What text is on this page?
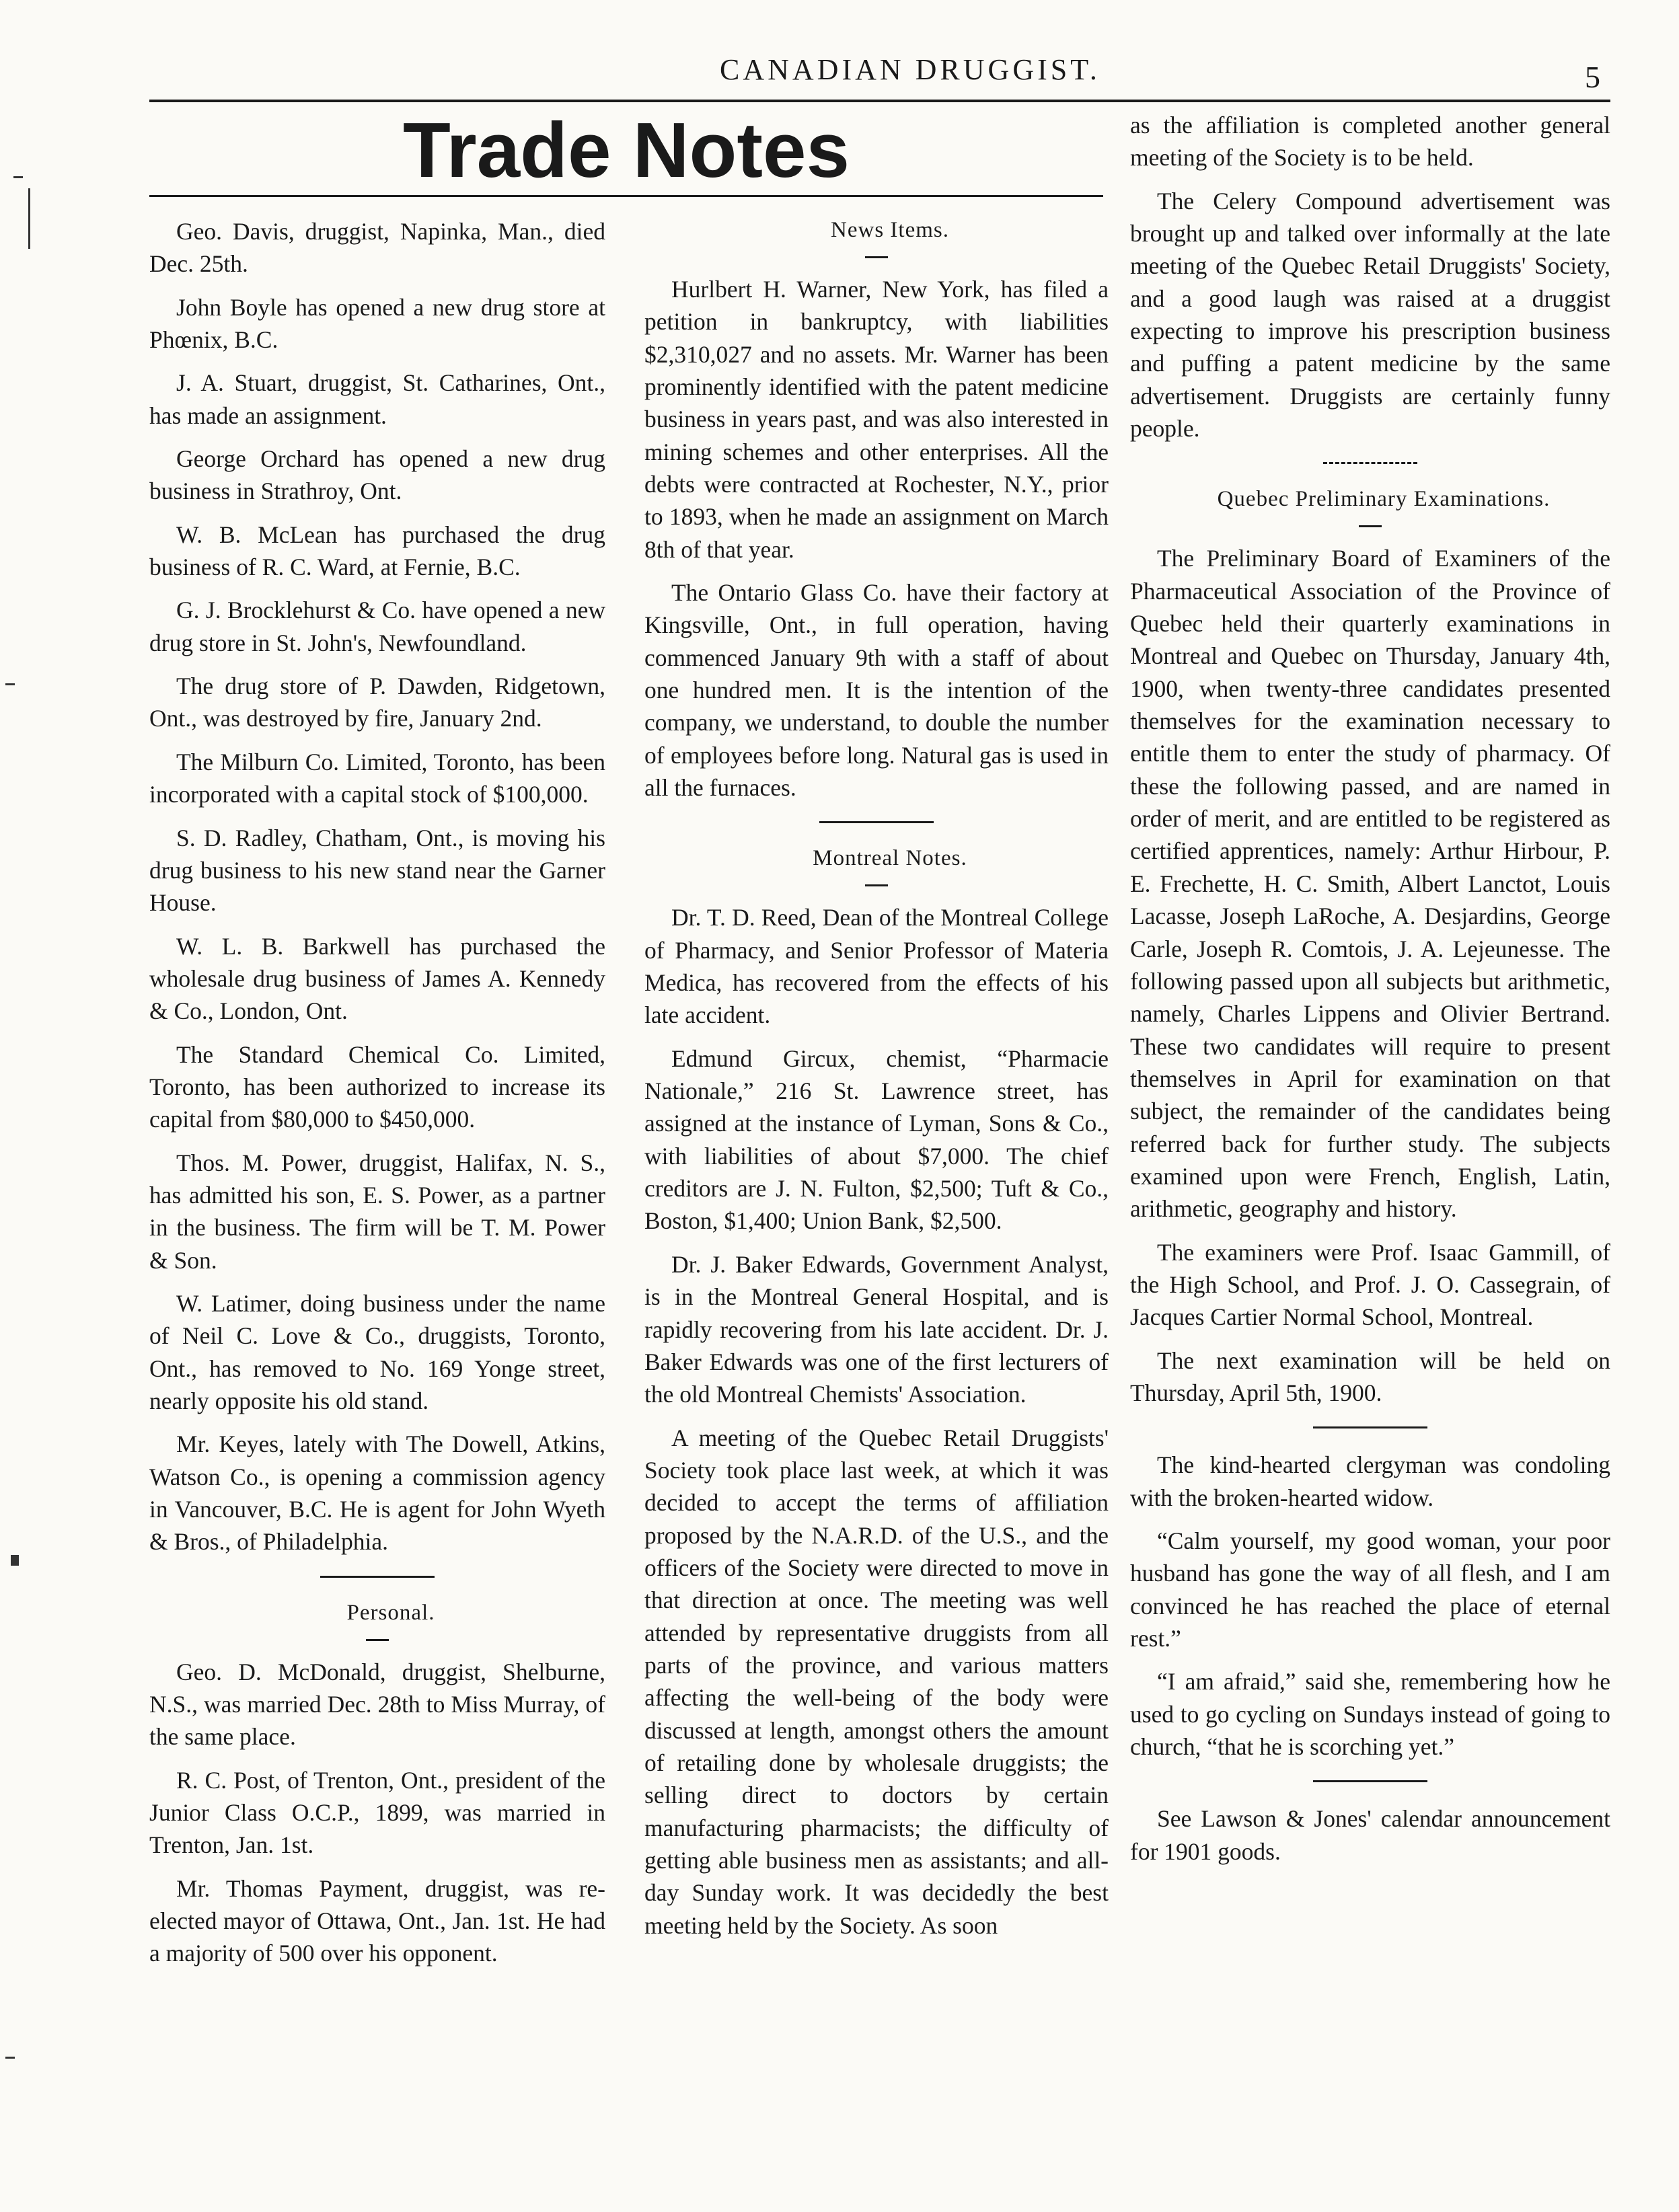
CANADIAN DRUGGIST.	5
Trade Notes

Geo. Davis, druggist, Napinka, Man., died Dec. 25th.

John Boyle has opened a new drug store at Phœnix, B.C.

J. A. Stuart, druggist, St. Catharines, Ont., has made an assignment.

George Orchard has opened a new drug business in Strathroy, Ont.

W. B. McLean has purchased the drug business of R. C. Ward, at Fernie, B.C.

G. J. Brocklehurst & Co. have opened a new drug store in St. John's, Newfoundland.

The drug store of P. Dawden, Ridgetown, Ont., was destroyed by fire, January 2nd.

The Milburn Co. Limited, Toronto, has been incorporated with a capital stock of $100,000.

S. D. Radley, Chatham, Ont., is moving his drug business to his new stand near the Garner House.

W. L. B. Barkwell has purchased the wholesale drug business of James A. Kennedy & Co., London, Ont.

The Standard Chemical Co. Limited, Toronto, has been authorized to increase its capital from $80,000 to $450,000.

Thos. M. Power, druggist, Halifax, N. S., has admitted his son, E. S. Power, as a partner in the business. The firm will be T. M. Power & Son.

W. Latimer, doing business under the name of Neil C. Love & Co., druggists, Toronto, Ont., has removed to No. 169 Yonge street, nearly opposite his old stand.

Mr. Keyes, lately with The Dowell, Atkins, Watson Co., is opening a commission agency in Vancouver, B.C. He is agent for John Wyeth & Bros., of Philadelphia.

Personal.

Geo. D. McDonald, druggist, Shelburne, N.S., was married Dec. 28th to Miss Murray, of the same place.

R. C. Post, of Trenton, Ont., president of the Junior Class O.C.P., 1899, was married in Trenton, Jan. 1st.

Mr. Thomas Payment, druggist, was re-elected mayor of Ottawa, Ont., Jan. 1st. He had a majority of 500 over his opponent.

News Items.

Hurlbert H. Warner, New York, has filed a petition in bankruptcy, with liabilities $2,310,027 and no assets. Mr. Warner has been prominently identified with the patent medicine business in years past, and was also interested in mining schemes and other enterprises. All the debts were contracted at Rochester, N.Y., prior to 1893, when he made an assignment on March 8th of that year.

The Ontario Glass Co. have their factory at Kingsville, Ont., in full operation, having commenced January 9th with a staff of about one hundred men. It is the intention of the company, we understand, to double the number of employees before long. Natural gas is used in all the furnaces.

Montreal Notes.

Dr. T. D. Reed, Dean of the Montreal College of Pharmacy, and Senior Professor of Materia Medica, has recovered from the effects of his late accident.

Edmund Gircux, chemist, “Pharmacie Nationale,” 216 St. Lawrence street, has assigned at the instance of Lyman, Sons & Co., with liabilities of about $7,000. The chief creditors are J. N. Fulton, $2,500; Tuft & Co., Boston, $1,400; Union Bank, $2,500.

Dr. J. Baker Edwards, Government Analyst, is in the Montreal General Hospital, and is rapidly recovering from his late accident. Dr. J. Baker Edwards was one of the first lecturers of the old Montreal Chemists' Association.

A meeting of the Quebec Retail Druggists' Society took place last week, at which it was decided to accept the terms of affiliation proposed by the N.A.R.D. of the U.S., and the officers of the Society were directed to move in that direction at once. The meeting was well attended by representative druggists from all parts of the province, and various matters affecting the well-being of the body were discussed at length, amongst others the amount of retailing done by wholesale druggists; the selling direct to doctors by certain manufacturing pharmacists; the difficulty of getting able business men as assistants; and all-day Sunday work. It was decidedly the best meeting held by the Society. As soon

as the affiliation is completed another general meeting of the Society is to be held.

The Celery Compound advertisement was brought up and talked over informally at the late meeting of the Quebec Retail Druggists' Society, and a good laugh was raised at a druggist expecting to improve his prescription business and puffing a patent medicine by the same advertisement. Druggists are certainly funny people.

Quebec Preliminary Examinations.

The Preliminary Board of Examiners of the Pharmaceutical Association of the Province of Quebec held their quarterly examinations in Montreal and Quebec on Thursday, January 4th, 1900, when twenty-three candidates presented themselves for the examination necessary to entitle them to enter the study of pharmacy. Of these the following passed, and are named in order of merit, and are entitled to be registered as certified apprentices, namely: Arthur Hirbour, P. E. Frechette, H. C. Smith, Albert Lanctot, Louis Lacasse, Joseph LaRoche, A. Desjardins, George Carle, Joseph R. Comtois, J. A. Lejeunesse. The following passed upon all subjects but arithmetic, namely, Charles Lippens and Olivier Bertrand. These two candidates will require to present themselves in April for examination on that subject, the remainder of the candidates being referred back for further study. The subjects examined upon were French, English, Latin, arithmetic, geography and history.

The examiners were Prof. Isaac Gammill, of the High School, and Prof. J. O. Cassegrain, of Jacques Cartier Normal School, Montreal.

The next examination will be held on Thursday, April 5th, 1900.

The kind-hearted clergyman was condoling with the broken-hearted widow.

“Calm yourself, my good woman, your poor husband has gone the way of all flesh, and I am convinced he has reached the place of eternal rest.”

“I am afraid,” said she, remembering how he used to go cycling on Sundays instead of going to church, “that he is scorching yet.”

See Lawson & Jones' calendar announcement for 1901 goods.
